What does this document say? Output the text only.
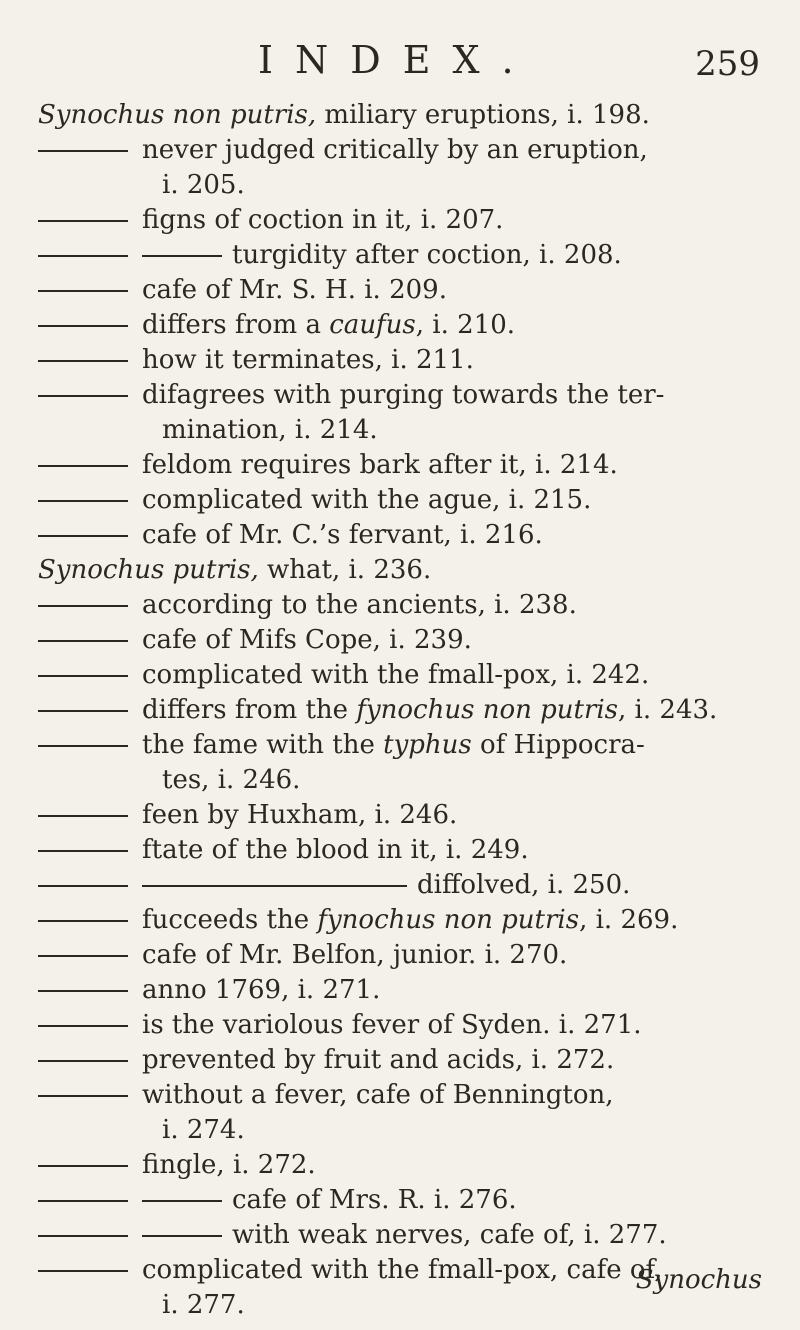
INDEX.	259
Synochus non putris, miliary eruptions, i. 198.
never judged critically by an eruption,
i. 205.
figns of coction in it, i. 207.
turgidity after coction, i. 208.
cafe of Mr. S. H. i. 209.
differs from a caufus, i. 210.
how it terminates, i. 211.
difagrees with purging towards the ter-
mination, i. 214.
feldom requires bark after it, i. 214.
complicated with the ague, i. 215.
cafe of Mr. C.’s fervant, i. 216.
Synochus putris, what, i. 236.
according to the ancients, i. 238.
cafe of Mifs Cope, i. 239.
complicated with the fmall-pox, i. 242.
differs from the fynochus non putris, i. 243.
the fame with the typhus of Hippocra-
tes, i. 246.
feen by Huxham, i. 246.
ftate of the blood in it, i. 249.
diffolved, i. 250.
fucceeds the fynochus non putris, i. 269.
cafe of Mr. Belfon, junior. i. 270.
anno 1769, i. 271.
is the variolous fever of Syden. i. 271.
prevented by fruit and acids, i. 272.
without a fever, cafe of Bennington,
i. 274.
fingle, i. 272.
cafe of Mrs. R. i. 276.
with weak nerves, cafe of, i. 277.
complicated with the fmall-pox, cafe of,
i. 277.
Synochus
